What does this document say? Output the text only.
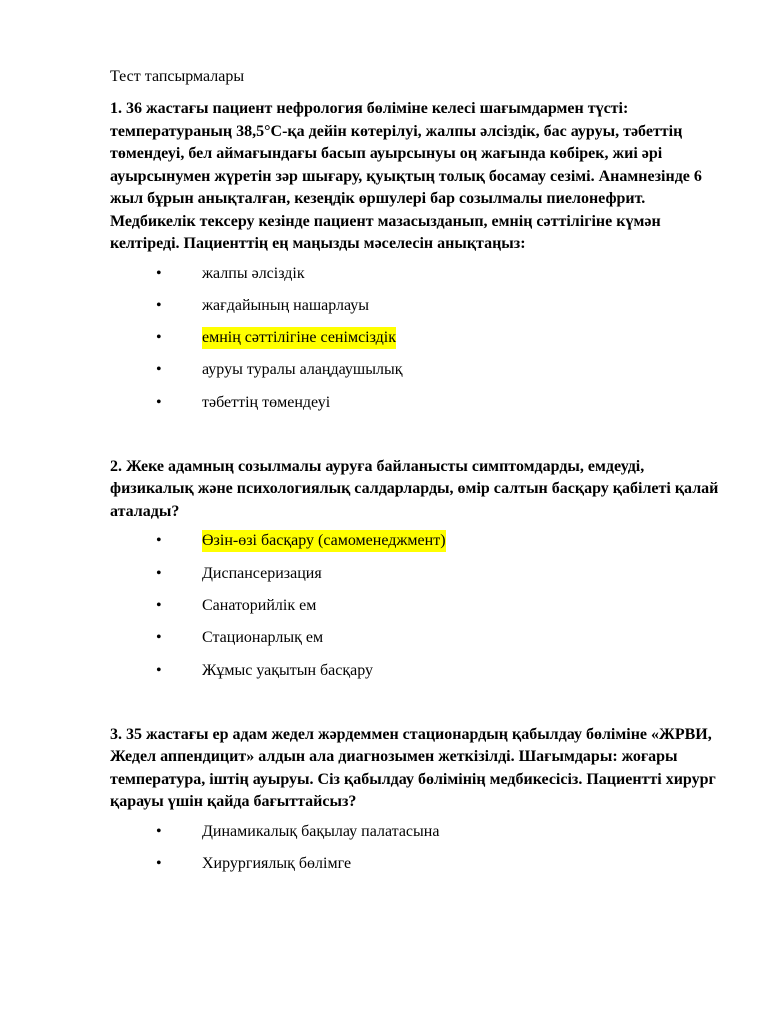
Тест тапсырмалары

1. 36 жастағы пациент нефрология бөліміне келесі шағымдармен түсті: температураның 38,5°С-қа дейін көтерілуі, жалпы әлсіздік, бас ауруы, тәбеттің төмендеуі, бел аймағындағы басып ауырсынуы оң жағында көбірек, жиі әрі ауырсынумен жүретін зәр шығару, қуықтың толық босамау сезімі. Анамнезінде 6 жыл бұрын анықталған, кезеңдік өршулері бар созылмалы пиелонефрит. Медбикелік тексеру кезінде пациент мазасызданып, емнің сәттілігіне күмән келтіреді. Пациенттің ең маңызды мәселесін анықтаңыз:

•	жалпы әлсіздік
•	жағдайының нашарлауы
•	емнің сәттілігіне сенімсіздік
•	ауруы туралы алаңдаушылық
•	тәбеттің төмендеуі

2. Жеке адамның созылмалы ауруға байланысты симптомдарды, емдеуді, физикалық және психологиялық салдарларды, өмір салтын басқару қабілеті қалай аталады?

•	Өзін-өзі басқару (самоменеджмент)
•	Диспансеризация
•	Санаторийлік ем
•	Стационарлық ем
•	Жұмыс уақытын басқару

3. 35 жастағы ер адам жедел жәрдеммен стационардың қабылдау бөліміне «ЖРВИ, Жедел аппендицит» алдын ала диагнозымен жеткізілді. Шағымдары: жоғары температура, іштің ауыруы. Сіз қабылдау бөлімінің медбикесісіз. Пациентті хирург қарауы үшін қайда бағыттайсыз?

•	Динамикалық бақылау палатасына
•	Хирургиялық бөлімге
